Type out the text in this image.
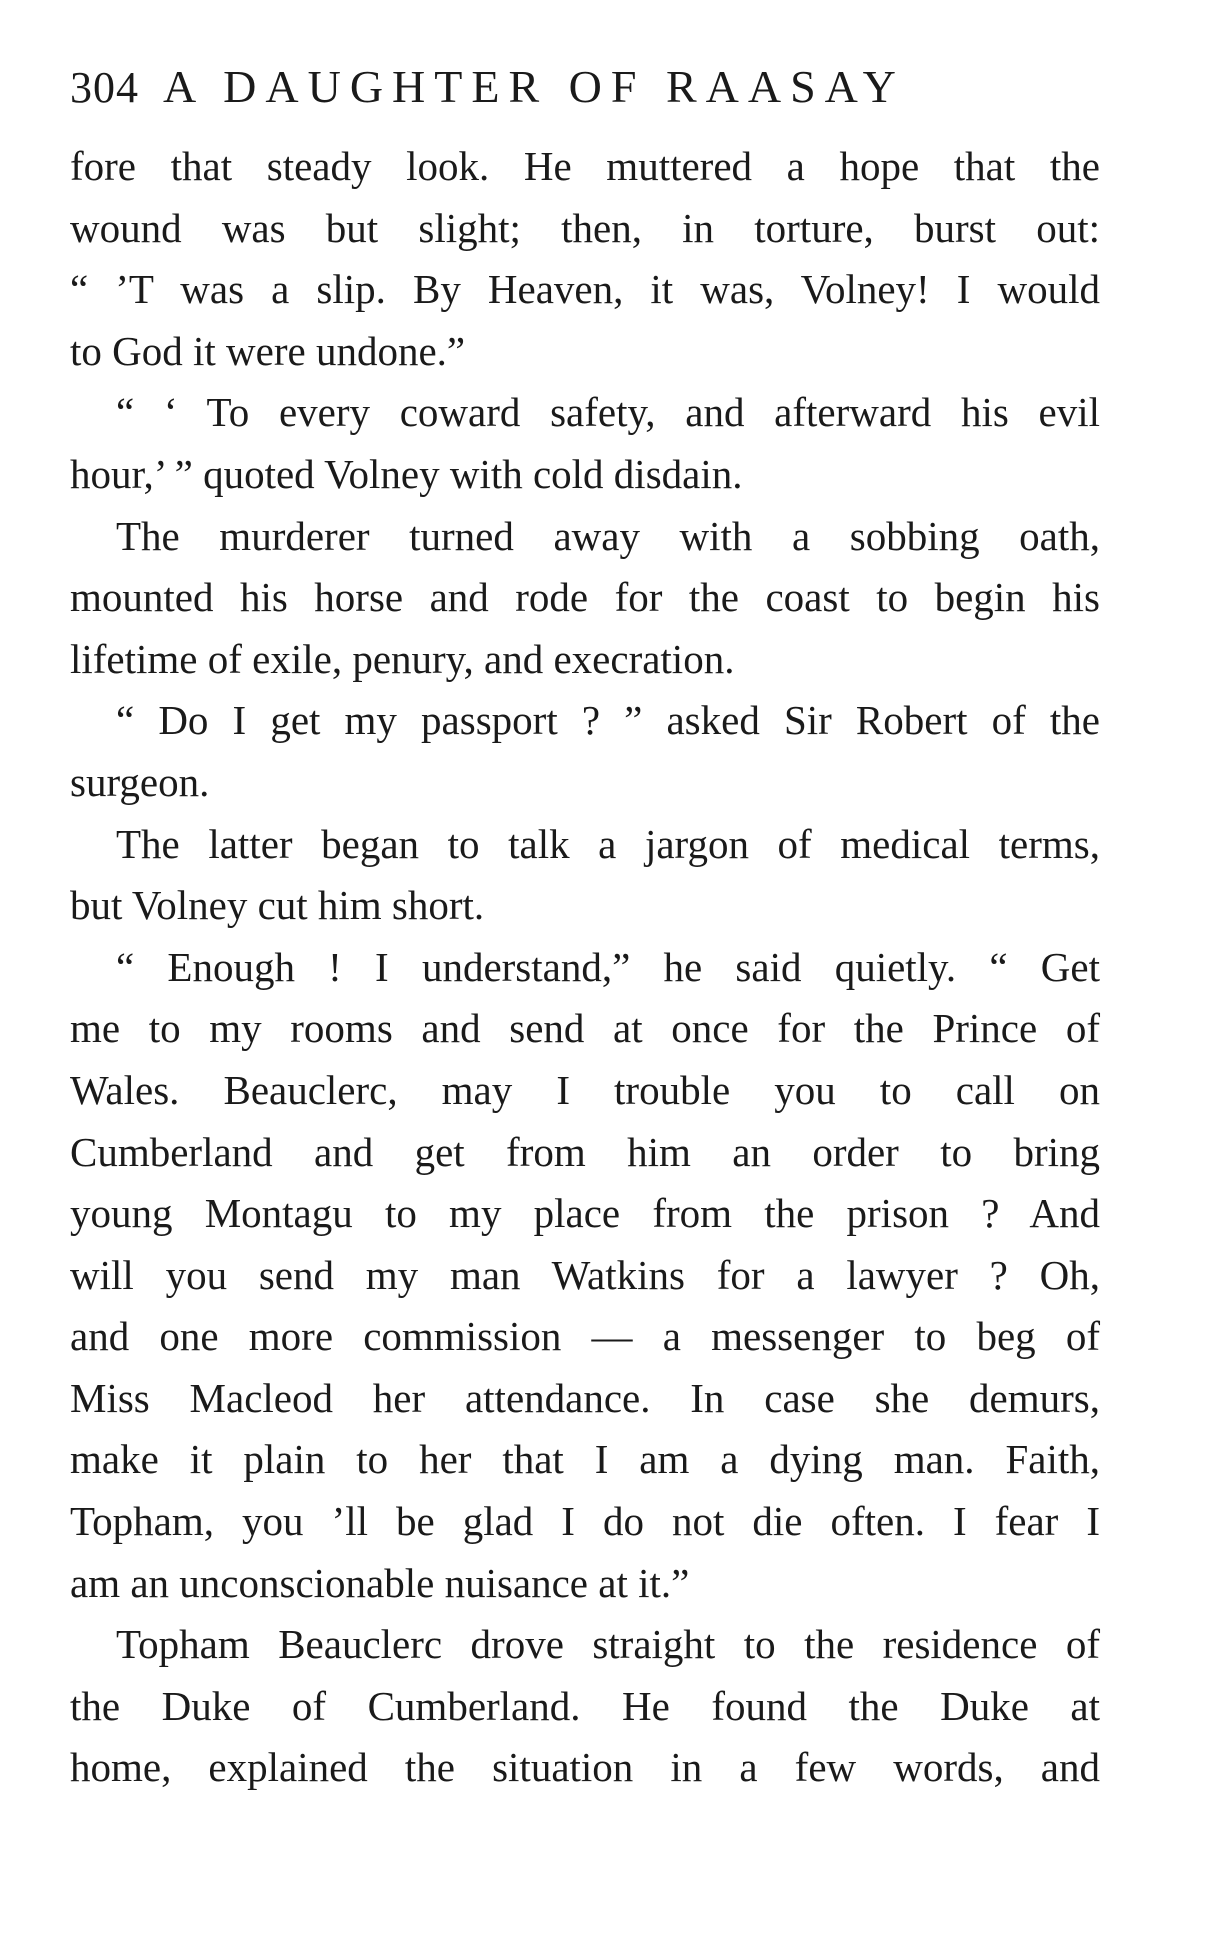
304 A DAUGHTER OF RAASAY
fore that steady look. He muttered a hope that the
wound was but slight; then, in torture, burst out:
“ ’T was a slip. By Heaven, it was, Volney! I would
to God it were undone.”
“ ‘ To every coward safety, and afterward his evil
hour,’ ” quoted Volney with cold disdain.
The murderer turned away with a sobbing oath,
mounted his horse and rode for the coast to begin his
lifetime of exile, penury, and execration.
“ Do I get my passport ? ” asked Sir Robert of the
surgeon.
The latter began to talk a jargon of medical terms,
but Volney cut him short.
“ Enough ! I understand,” he said quietly. “ Get
me to my rooms and send at once for the Prince of
Wales. Beauclerc, may I trouble you to call on
Cumberland and get from him an order to bring
young Montagu to my place from the prison ? And
will you send my man Watkins for a lawyer ? Oh,
and one more commission — a messenger to beg of
Miss Macleod her attendance. In case she demurs,
make it plain to her that I am a dying man. Faith,
Topham, you ’ll be glad I do not die often. I fear I
am an unconscionable nuisance at it.”
Topham Beauclerc drove straight to the residence of
the Duke of Cumberland. He found the Duke at
home, explained the situation in a few words, and
